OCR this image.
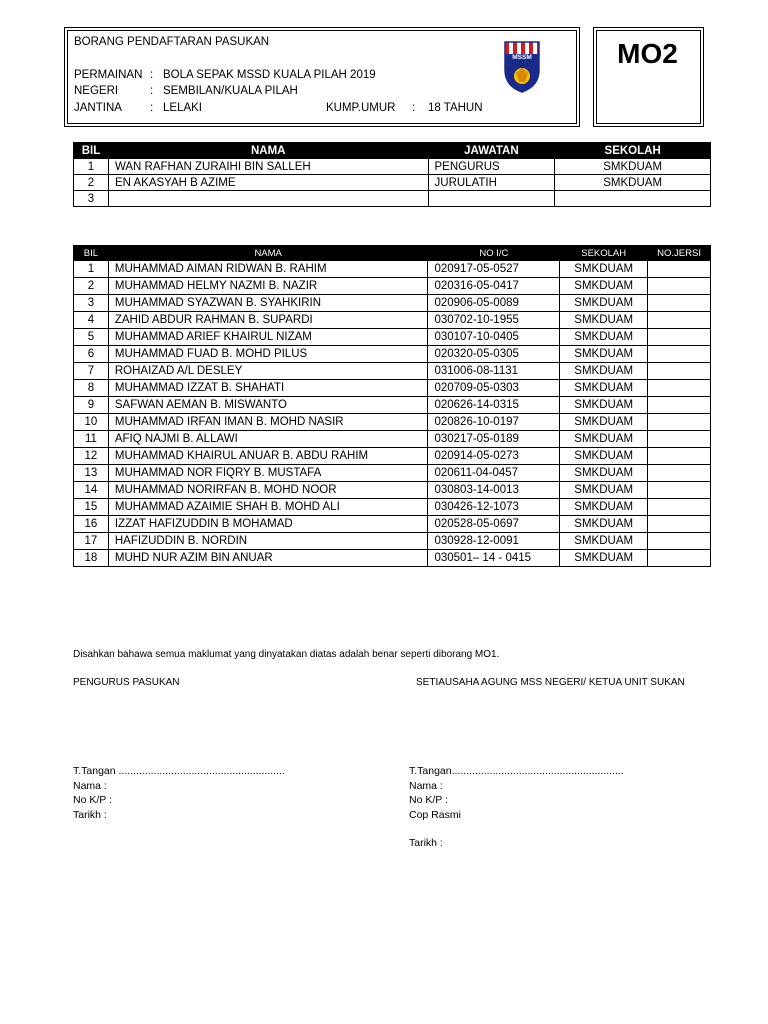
BORANG PENDAFTARAN PASUKAN
PERMAINAN : BOLA SEPAK MSSD KUALA PILAH 2019
NEGERI	: SEMBILAN/KUALA PILAH
JANTINA : LELAKI	KUMP.UMUR : 18 TAHUN
MSSM	MO2
BIL	NAMA	JAWATAN	SEKOLAH
1	WAN RAFHAN ZURAIHI BIN SALLEH	PENGURUS	SMKDUAM
2	EN AKASYAH B AZIME	JURULATIH	SMKDUAM
3			
BIL	NAMA	NO I/C	SEKOLAH	NO.JERSI
1	MUHAMMAD AIMAN RIDWAN B. RAHIM	020917-05-0527	SMKDUAM	
2	MUHAMMAD HELMY NAZMI B. NAZIR	020316-05-0417	SMKDUAM	
3	MUHAMMAD SYAZWAN B. SYAHKIRIN	020906-05-0089	SMKDUAM	
4	ZAHID ABDUR RAHMAN B. SUPARDI	030702-10-1955	SMKDUAM	
5	MUHAMMAD ARIEF KHAIRUL NIZAM	030107-10-0405	SMKDUAM	
6	MUHAMMAD FUAD B. MOHD PILUS	020320-05-0305	SMKDUAM	
7	ROHAIZAD A/L DESLEY	031006-08-1131	SMKDUAM	
8	MUHAMMAD IZZAT B. SHAHATI	020709-05-0303	SMKDUAM	
9	SAFWAN AEMAN B. MISWANTO	020626-14-0315	SMKDUAM	
10	MUHAMMAD IRFAN IMAN B. MOHD NASIR	020826-10-0197	SMKDUAM	
11	AFIQ NAJMI B. ALLAWI	030217-05-0189	SMKDUAM	
12	MUHAMMAD KHAIRUL ANUAR B. ABDU RAHIM	020914-05-0273	SMKDUAM	
13	MUHAMMAD NOR FIQRY B. MUSTAFA	020611-04-0457	SMKDUAM	
14	MUHAMMAD NORIRFAN B. MOHD NOOR	030803-14-0013	SMKDUAM	
15	MUHAMMAD AZAIMIE SHAH B. MOHD ALI	030426-12-1073	SMKDUAM	
16	IZZAT HAFIZUDDIN B MOHAMAD	020528-05-0697	SMKDUAM	
17	HAFIZUDDIN B. NORDIN	030928-12-0091	SMKDUAM	
18	MUHD NUR AZIM BIN ANUAR	030501– 14 - 0415	SMKDUAM	
Disahkan bahawa semua maklumat yang dinyatakan diatas adalah benar seperti diborang MO1.
PENGURUS PASUKAN	SETIAUSAHA AGUNG MSS NEGERI/ KETUA UNIT SUKAN
T.Tangan .........................................................
Nama :
No K/P :
Tarikh :
T.Tangan...........................................................
Nama :
No K/P :
Cop Rasmi
Tarikh :
